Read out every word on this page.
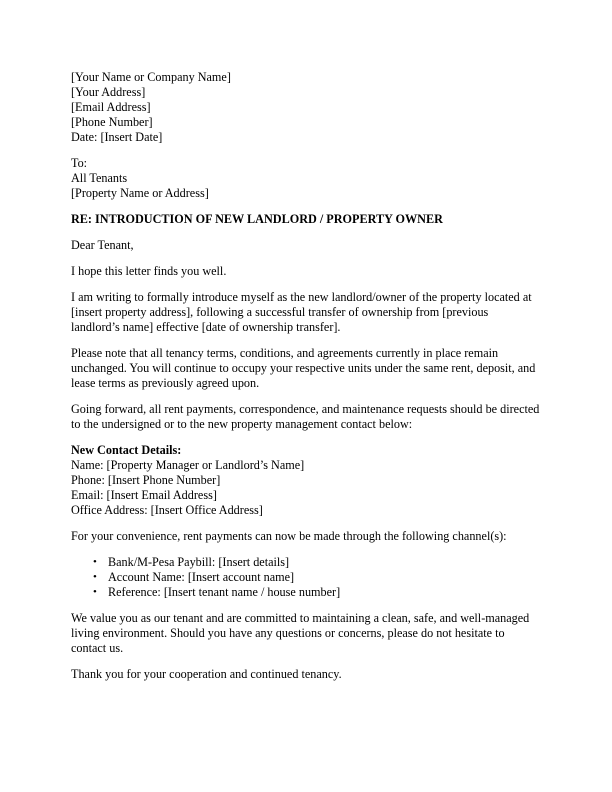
[Your Name or Company Name]
[Your Address]
[Email Address]
[Phone Number]
Date: [Insert Date]
To:
All Tenants
[Property Name or Address]
RE: INTRODUCTION OF NEW LANDLORD / PROPERTY OWNER
Dear Tenant,
I hope this letter finds you well.
I am writing to formally introduce myself as the new landlord/owner of the property located at [insert property address], following a successful transfer of ownership from [previous landlord’s name] effective [date of ownership transfer].
Please note that all tenancy terms, conditions, and agreements currently in place remain unchanged. You will continue to occupy your respective units under the same rent, deposit, and lease terms as previously agreed upon.
Going forward, all rent payments, correspondence, and maintenance requests should be directed to the undersigned or to the new property management contact below:
New Contact Details:
Name: [Property Manager or Landlord’s Name]
Phone: [Insert Phone Number]
Email: [Insert Email Address]
Office Address: [Insert Office Address]
For your convenience, rent payments can now be made through the following channel(s):
• Bank/M-Pesa Paybill: [Insert details]
• Account Name: [Insert account name]
• Reference: [Insert tenant name / house number]
We value you as our tenant and are committed to maintaining a clean, safe, and well-managed living environment. Should you have any questions or concerns, please do not hesitate to contact us.
Thank you for your cooperation and continued tenancy.
